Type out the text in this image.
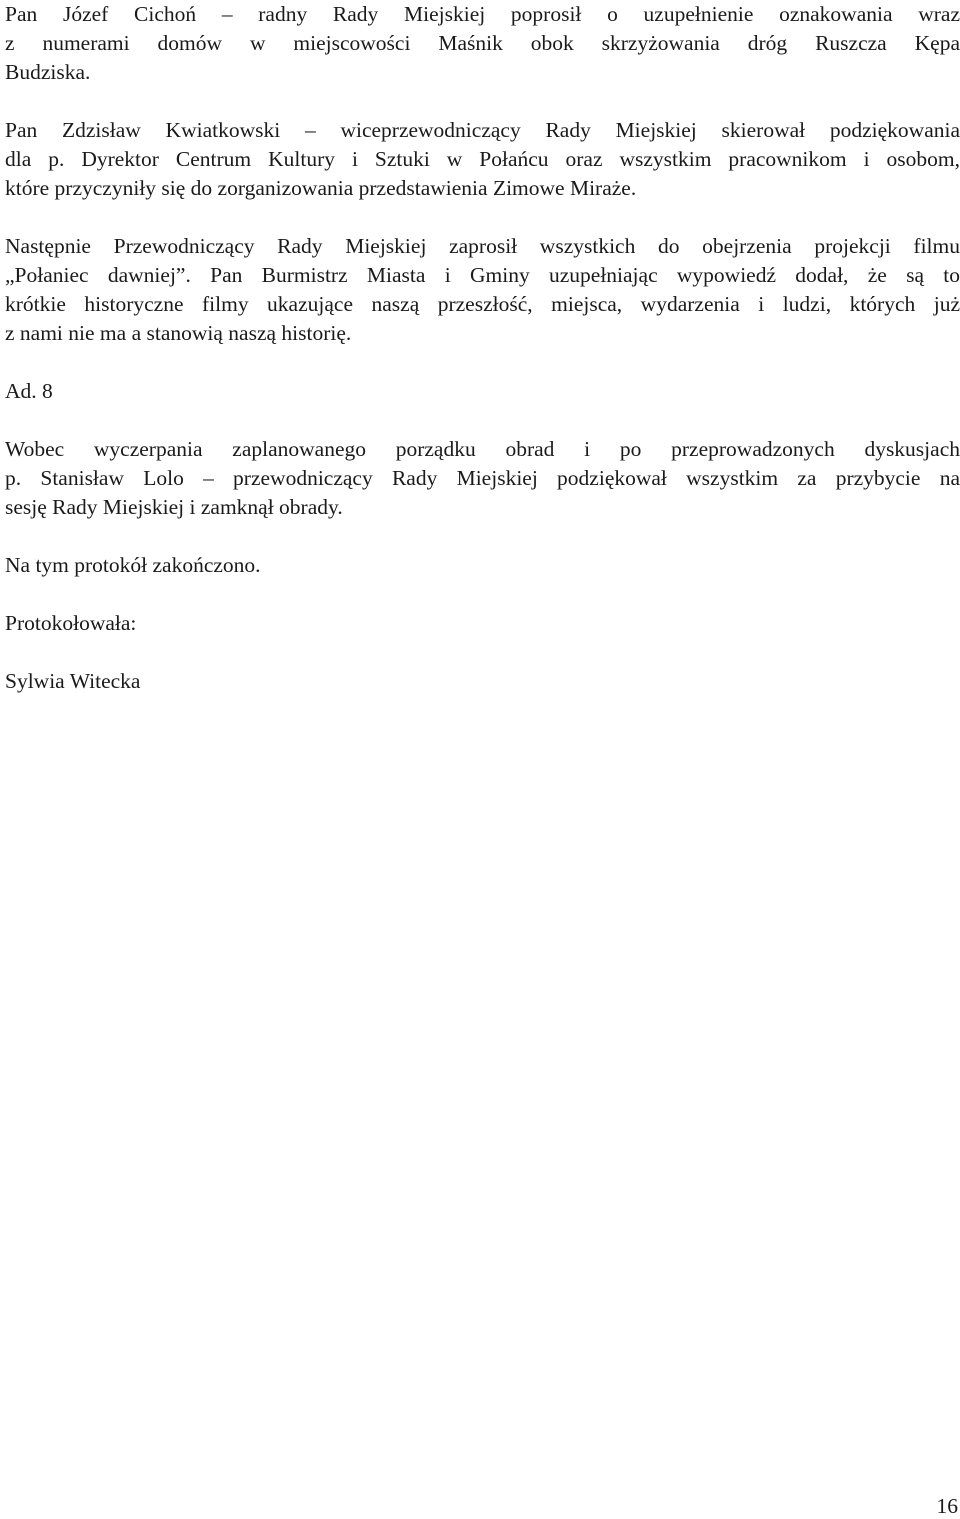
Pan Józef Cichoń – radny Rady Miejskiej poprosił o uzupełnienie oznakowania wraz
z numerami domów w miejscowości Maśnik obok skrzyżowania dróg Ruszcza Kępa
Budziska.

Pan Zdzisław Kwiatkowski – wiceprzewodniczący Rady Miejskiej skierował podziękowania
dla p. Dyrektor Centrum Kultury i Sztuki w Połańcu oraz wszystkim pracownikom i osobom,
które przyczyniły się do zorganizowania przedstawienia Zimowe Miraże.

Następnie Przewodniczący Rady Miejskiej zaprosił wszystkich do obejrzenia projekcji filmu
„Połaniec dawniej”. Pan Burmistrz Miasta i Gminy uzupełniając wypowiedź dodał, że są to
krótkie historyczne filmy ukazujące naszą przeszłość, miejsca, wydarzenia i ludzi, których już
z nami nie ma a stanowią naszą historię.

Ad. 8

Wobec wyczerpania zaplanowanego porządku obrad i po przeprowadzonych dyskusjach
p. Stanisław Lolo – przewodniczący Rady Miejskiej podziękował wszystkim za przybycie na
sesję Rady Miejskiej i zamknął obrady.

Na tym protokół zakończono.

Protokołowała:

Sylwia Witecka

16
